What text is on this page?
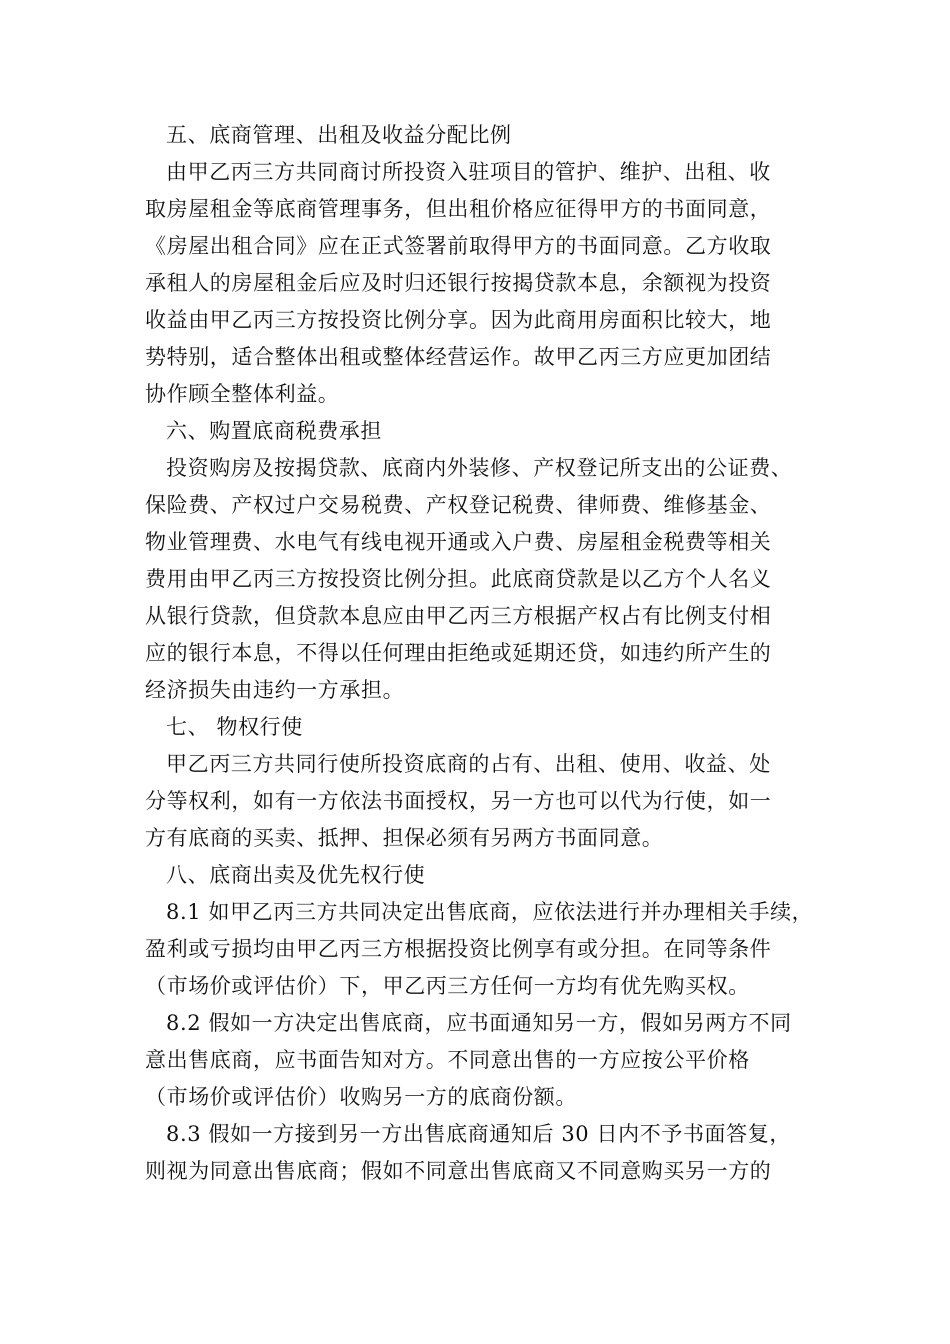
五、底商管理、出租及收益分配比例
由甲乙丙三方共同商讨所投资入驻项目的管护、维护、出租、收
取房屋租金等底商管理事务，但出租价格应征得甲方的书面同意，
《房屋出租合同》应在正式签署前取得甲方的书面同意。乙方收取
承租人的房屋租金后应及时归还银行按揭贷款本息，余额视为投资
收益由甲乙丙三方按投资比例分享。因为此商用房面积比较大，地
势特别，适合整体出租或整体经营运作。故甲乙丙三方应更加团结
协作顾全整体利益。
六、购置底商税费承担
投资购房及按揭贷款、底商内外装修、产权登记所支出的公证费、
保险费、产权过户交易税费、产权登记税费、律师费、维修基金、
物业管理费、水电气有线电视开通或入户费、房屋租金税费等相关
费用由甲乙丙三方按投资比例分担。此底商贷款是以乙方个人名义
从银行贷款，但贷款本息应由甲乙丙三方根据产权占有比例支付相
应的银行本息，不得以任何理由拒绝或延期还贷，如违约所产生的
经济损失由违约一方承担。
七、 物权行使
甲乙丙三方共同行使所投资底商的占有、出租、使用、收益、处
分等权利，如有一方依法书面授权，另一方也可以代为行使，如一
方有底商的买卖、抵押、担保必须有另两方书面同意。
八、底商出卖及优先权行使
8.1 如甲乙丙三方共同决定出售底商，应依法进行并办理相关手续，
盈利或亏损均由甲乙丙三方根据投资比例享有或分担。在同等条件
（市场价或评估价）下，甲乙丙三方任何一方均有优先购买权。
8.2 假如一方决定出售底商，应书面通知另一方，假如另两方不同
意出售底商，应书面告知对方。不同意出售的一方应按公平价格
（市场价或评估价）收购另一方的底商份额。
8.3 假如一方接到另一方出售底商通知后 30 日内不予书面答复，
则视为同意出售底商；假如不同意出售底商又不同意购买另一方的
